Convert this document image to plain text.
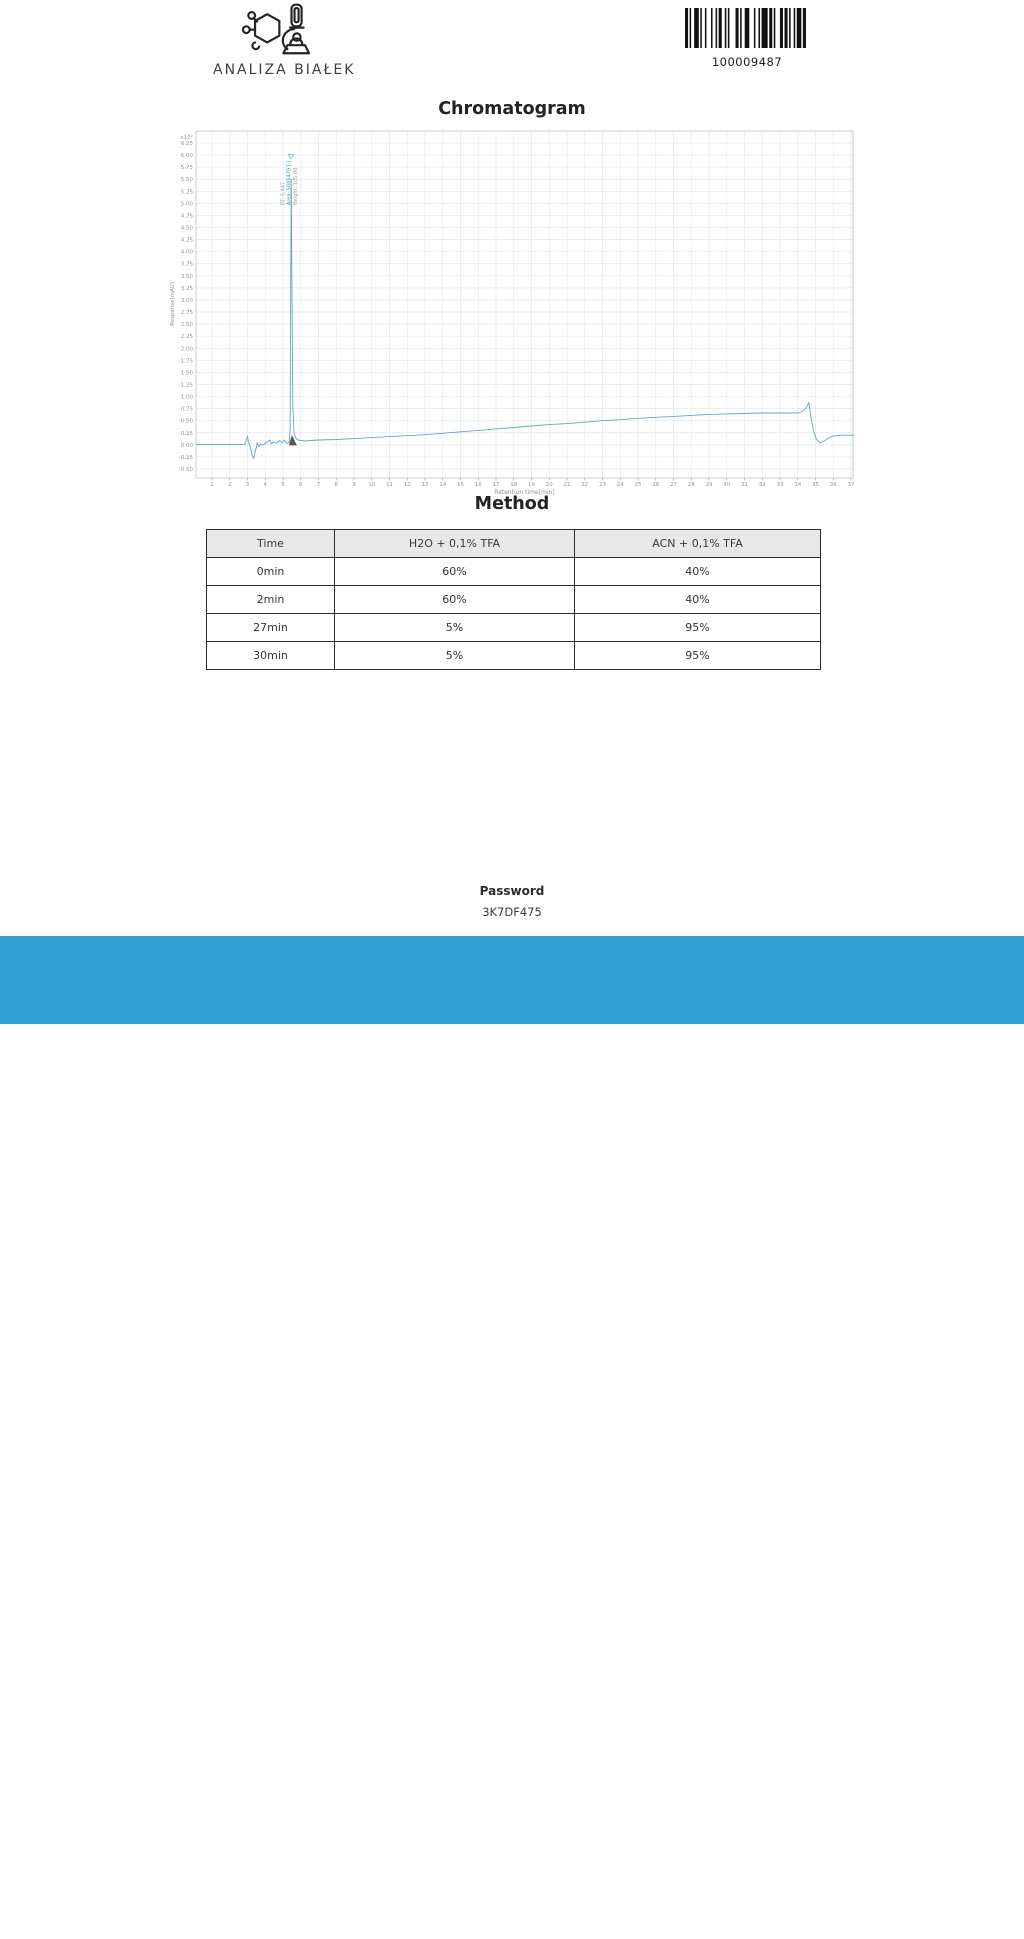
ANALIZA BIAŁEK	100009487
Chromatogram
-0.50
-0.25
0.00
0.25
0.50
0.75
1.00
1.25
1.50
1.75
2.00
2.25
2.50
2.75
3.00
3.25
3.50
3.75
4.00
4.25
4.50
4.75
5.00
5.25
5.50
5.75
6.00
6.25
x10²
1	2	3	4	5	6	7	8	9 10 11 12 13 14 15 16 17 18 19 20 21 22 23 24 25 26 27 28 29 30 31 32 33 34 35 36 37
Retention time[min]
Response[mAU]
RT: 5.447 Area: 5085479 [-] Height: 105.00
Method
Time	H2O + 0,1% TFA	ACN + 0,1% TFA
0min	60%	40%
2min	60%	40%
27min	5%	95%
30min	5%	95%
Password
3K7DF475
Analiza Białek sp. z o.o.
KRS: 0000966168
NIP: 8992922970
REGON: 521751875
Headquarters and Laboratory:
ul. Duńska 9, 54-427 Wrocław
Budynek DELTA
Lab technician:
Analysis and research specialist
mgr Arkadiusz Zając
